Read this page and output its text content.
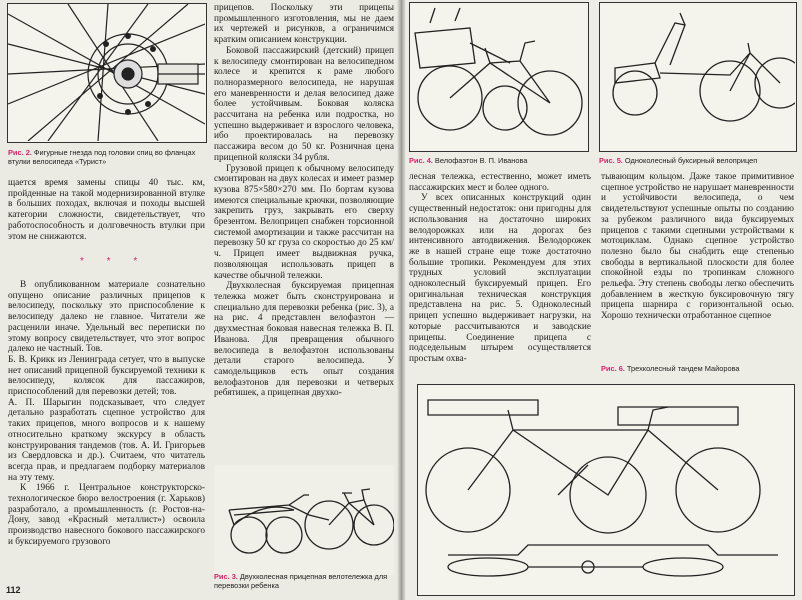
Рис. 2. Фигурные гнезда под головки спиц во фланцах втулки велосипеда «Турист»

щается время замены спицы 40 тыс. км, пройденные на такой модернизированной втулке в больших походах, включая и походы высшей категории сложности, свидетельствует, что работоспособность и долговечность втулки при этом не снижаются.

* * *

В опубликованном материале сознательно опущено описание различных прицепов к велосипеду, поскольку это приспособление к велосипеду далеко не главное. Читатели же расценили иначе. Удельный вес переписки по этому вопросу свидетельствует, что этот вопрос далеко не частный. Тов.

Б. В. Крикк из Ленинграда сетует, что в выпуске нет описаний прицепной буксируемой техники к велосипеду, колясок для пассажиров, приспособлений для перевозки детей; тов.

А. П. Шарыгин подсказывает, что следует детально разработать сцепное устройство для таких прицепов, много вопросов и к нашему относительно краткому экскурсу в область конструирования тандемов (тов. А. И. Григорьев из Свердловска и др.). Считаем, что читатель всегда прав, и предлагаем подборку материалов на эту тему.

К 1966 г. Центральное конструкторско-технологическое бюро велостроения (г. Харьков) разработало, а промышленность (г. Ростов-на-Дону, завод «Красный металлист») освоила производство навесного бокового пассажирского и буксируемого грузового

прицепов. Поскольку эти прицепы промышленного изготовления, мы не даем их чертежей и рисунков, а ограничимся кратким описанием конструкции.

Боковой пассажирский (детский) прицеп к велосипеду смонтирован на велосипедном колесе и крепится к раме любого полноразмерного велосипеда, не нарушая его маневренности и делая велосипед даже более устойчивым. Боковая коляска рассчитана на ребенка или подростка, но успешно выдерживает и взрослого человека, ибо проектировалась на перевозку пассажира весом до 50 кг. Розничная цена прицепной коляски 34 рубля.

Грузовой прицеп к обычному велосипеду смонтирован на двух колесах и имеет размер кузова 875×580×270 мм. По бортам кузова имеются специальные крючки, позволяющие закрепить груз, закрывать его сверху брезентом. Велоприцеп снабжен торсионной системой амортизации и также рассчитан на перевозку 50 кг груза со скоростью до 25 км/ч. Прицеп имеет выдвижная ручка, позволяющая использовать прицеп в качестве обычной тележки.

Двухколесная буксируемая прицепная тележка может быть сконструирована и специально для перевозки ребенка (рис. 3), а на рис. 4 представлен велофаэтон — двухместная боковая навесная тележка В. П. Иванова. Для превращения обычного велосипеда в велофаэтон использованы детали старого велосипеда. У самодельщиков есть опыт создания велофаэтонов для перевозки и четверых ребятишек, а прицепная двухко-

Рис. 3. Двухколесная прицепная велотележка для перевозки ребенка
112
Рис. 4. Велофаэтон В. П. Иванова	Рис. 5. Одноколесный буксирный велоприцеп

лесная тележка, естественно, может иметь пассажирских мест и более одного.

У всех описанных конструкций один существенный недостаток: они пригодны для использования на достаточно широких велодорожках или на дорогах без интенсивного автодвижения. Велодорожек же в нашей стране еще тоже достаточно большие тропики. Рекомендуем для этих трудных условий эксплуатации одноколесный буксируемый прицеп. Его оригинальная техническая конструкция представлена на рис. 5. Одноколесный прицеп успешно выдерживает нагрузки, на которые рассчитываются и заводские прицепы. Соединение прицепа с подседельным штырем осуществляется простым охва-

тывающим кольцом. Даже такое примитивное сцепное устройство не нарушает маневренности и устойчивости велосипеда, о чем свидетельствуют успешные опыты по созданию за рубежом различного вида буксируемых прицепов с такими сцепными устройствами к мотоциклам. Однако сцепное устройство полезно было бы снабдить еще степенью свободы в вертикальной плоскости для более спокойной езды по тропинкам сложного рельефа. Эту степень свободы легко обеспечить добавлением в жесткую буксировочную тягу прицепа шарнира с горизонтальной осью. Хорошо технически отработанное сцепное

Рис. 6. Трехколесный тандем Майорова
